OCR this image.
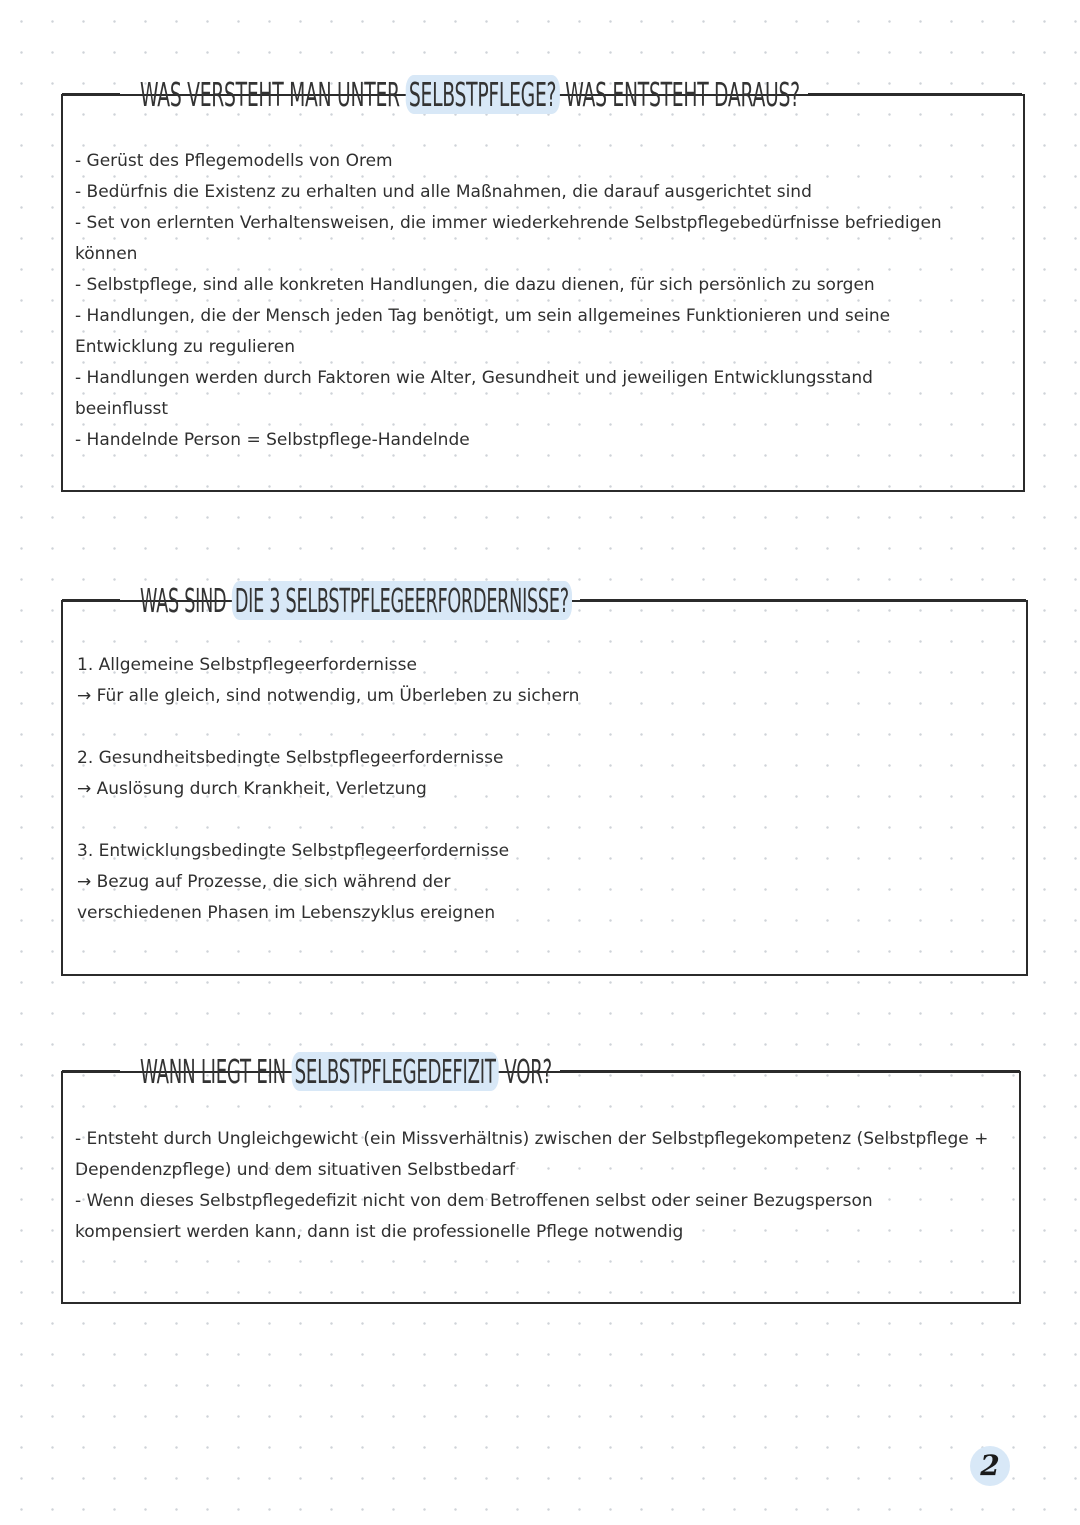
WAS VERSTEHT MAN UNTER SELBSTPFLEGE? WAS ENTSTEHT DARAUS?

- Gerüst des Pflegemodells von Orem

- Bedürfnis die Existenz zu erhalten und alle Maßnahmen, die darauf ausgerichtet sind

- Set von erlernten Verhaltensweisen, die immer wiederkehrende Selbstpflegebedürfnisse befriedigen

können

- Selbstpflege, sind alle konkreten Handlungen, die dazu dienen, für sich persönlich zu sorgen

- Handlungen, die der Mensch jeden Tag benötigt, um sein allgemeines Funktionieren und seine

Entwicklung zu regulieren

- Handlungen werden durch Faktoren wie Alter, Gesundheit und jeweiligen Entwicklungsstand

beeinflusst

- Handelnde Person = Selbstpflege-Handelnde

WAS SIND DIE 3 SELBSTPFLEGEERFORDERNISSE?

1. Allgemeine Selbstpflegeerfordernisse

→ Für alle gleich, sind notwendig, um Überleben zu sichern

2. Gesundheitsbedingte Selbstpflegeerfordernisse

→ Auslösung durch Krankheit, Verletzung

3. Entwicklungsbedingte Selbstpflegeerfordernisse

→ Bezug auf Prozesse, die sich während der

verschiedenen Phasen im Lebenszyklus ereignen

WANN LIEGT EIN SELBSTPFLEGEDEFIZIT VOR?

- Entsteht durch Ungleichgewicht (ein Missverhältnis) zwischen der Selbstpflegekompetenz (Selbstpflege +

Dependenzpflege) und dem situativen Selbstbedarf

- Wenn dieses Selbstpflegedefizit nicht von dem Betroffenen selbst oder seiner Bezugsperson

kompensiert werden kann, dann ist die professionelle Pflege notwendig

2
